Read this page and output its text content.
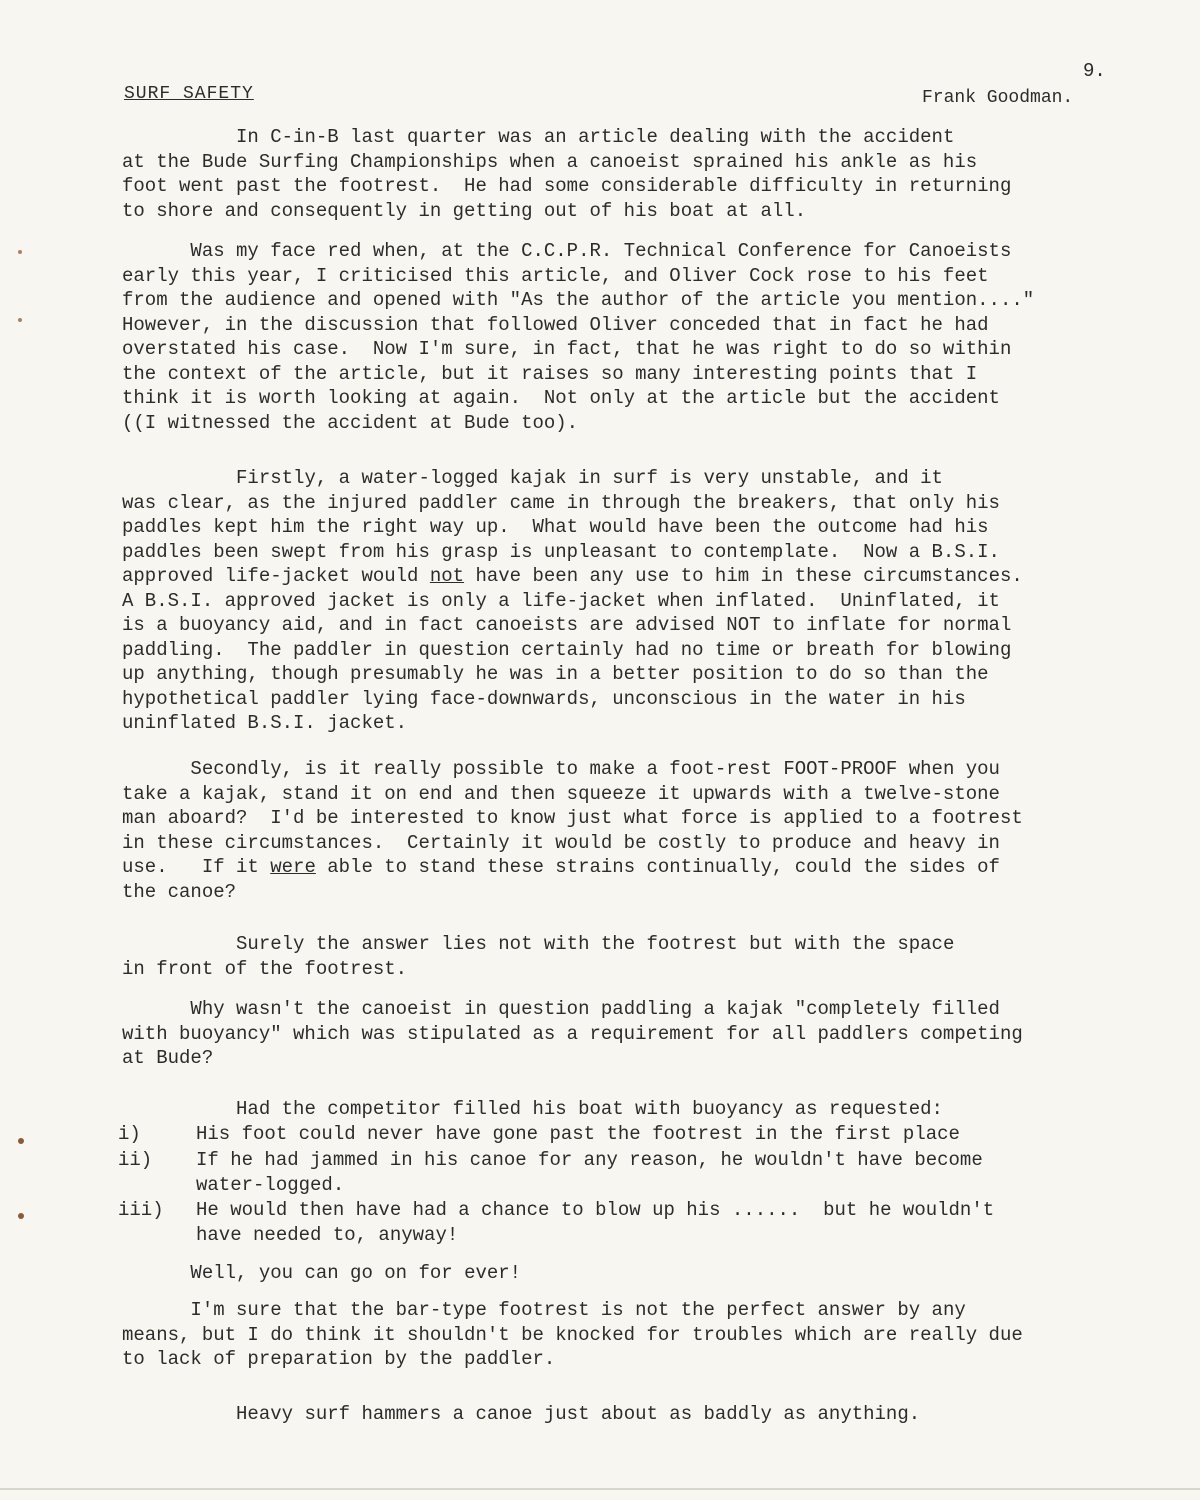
9.
SURF SAFETY	Frank Goodman.

In C-in-B last quarter was an article dealing with the accident
at the Bude Surfing Championships when a canoeist sprained his ankle as his
foot went past the footrest.  He had some considerable difficulty in returning
to shore and consequently in getting out of his boat at all.

Was my face red when, at the C.C.P.R. Technical Conference for Canoeists
early this year, I criticised this article, and Oliver Cock rose to his feet
from the audience and opened with "As the author of the article you mention...."
However, in the discussion that followed Oliver conceded that in fact he had
overstated his case.  Now I'm sure, in fact, that he was right to do so within
the context of the article, but it raises so many interesting points that I
think it is worth looking at again.  Not only at the article but the accident
((I witnessed the accident at Bude too).

Firstly, a water-logged kajak in surf is very unstable, and it
was clear, as the injured paddler came in through the breakers, that only his
paddles kept him the right way up.  What would have been the outcome had his
paddles been swept from his grasp is unpleasant to contemplate.  Now a B.S.I.
approved life-jacket would not have been any use to him in these circumstances.
A B.S.I. approved jacket is only a life-jacket when inflated.  Uninflated, it
is a buoyancy aid, and in fact canoeists are advised NOT to inflate for normal
paddling.  The paddler in question certainly had no time or breath for blowing
up anything, though presumably he was in a better position to do so than the
hypothetical paddler lying face-downwards, unconscious in the water in his
uninflated B.S.I. jacket.

Secondly, is it really possible to make a foot-rest FOOT-PROOF when you
take a kajak, stand it on end and then squeeze it upwards with a twelve-stone
man aboard?  I'd be interested to know just what force is applied to a footrest
in these circumstances.  Certainly it would be costly to produce and heavy in
use.   If it were able to stand these strains continually, could the sides of
the canoe?

Surely the answer lies not with the footrest but with the space
in front of the footrest.

Why wasn't the canoeist in question paddling a kajak "completely filled
with buoyancy" which was stipulated as a requirement for all paddlers competing
at Bude?

Had the competitor filled his boat with buoyancy as requested:

i)	His foot could never have gone past the footrest in the first place
ii) If he had jammed in his canoe for any reason, he wouldn't have become
water-logged.
iii) He would then have had a chance to blow up his ......  but he wouldn't
have needed to, anyway!

Well, you can go on for ever!

I'm sure that the bar-type footrest is not the perfect answer by any
means, but I do think it shouldn't be knocked for troubles which are really due
to lack of preparation by the paddler.

Heavy surf hammers a canoe just about as baddly as anything.
